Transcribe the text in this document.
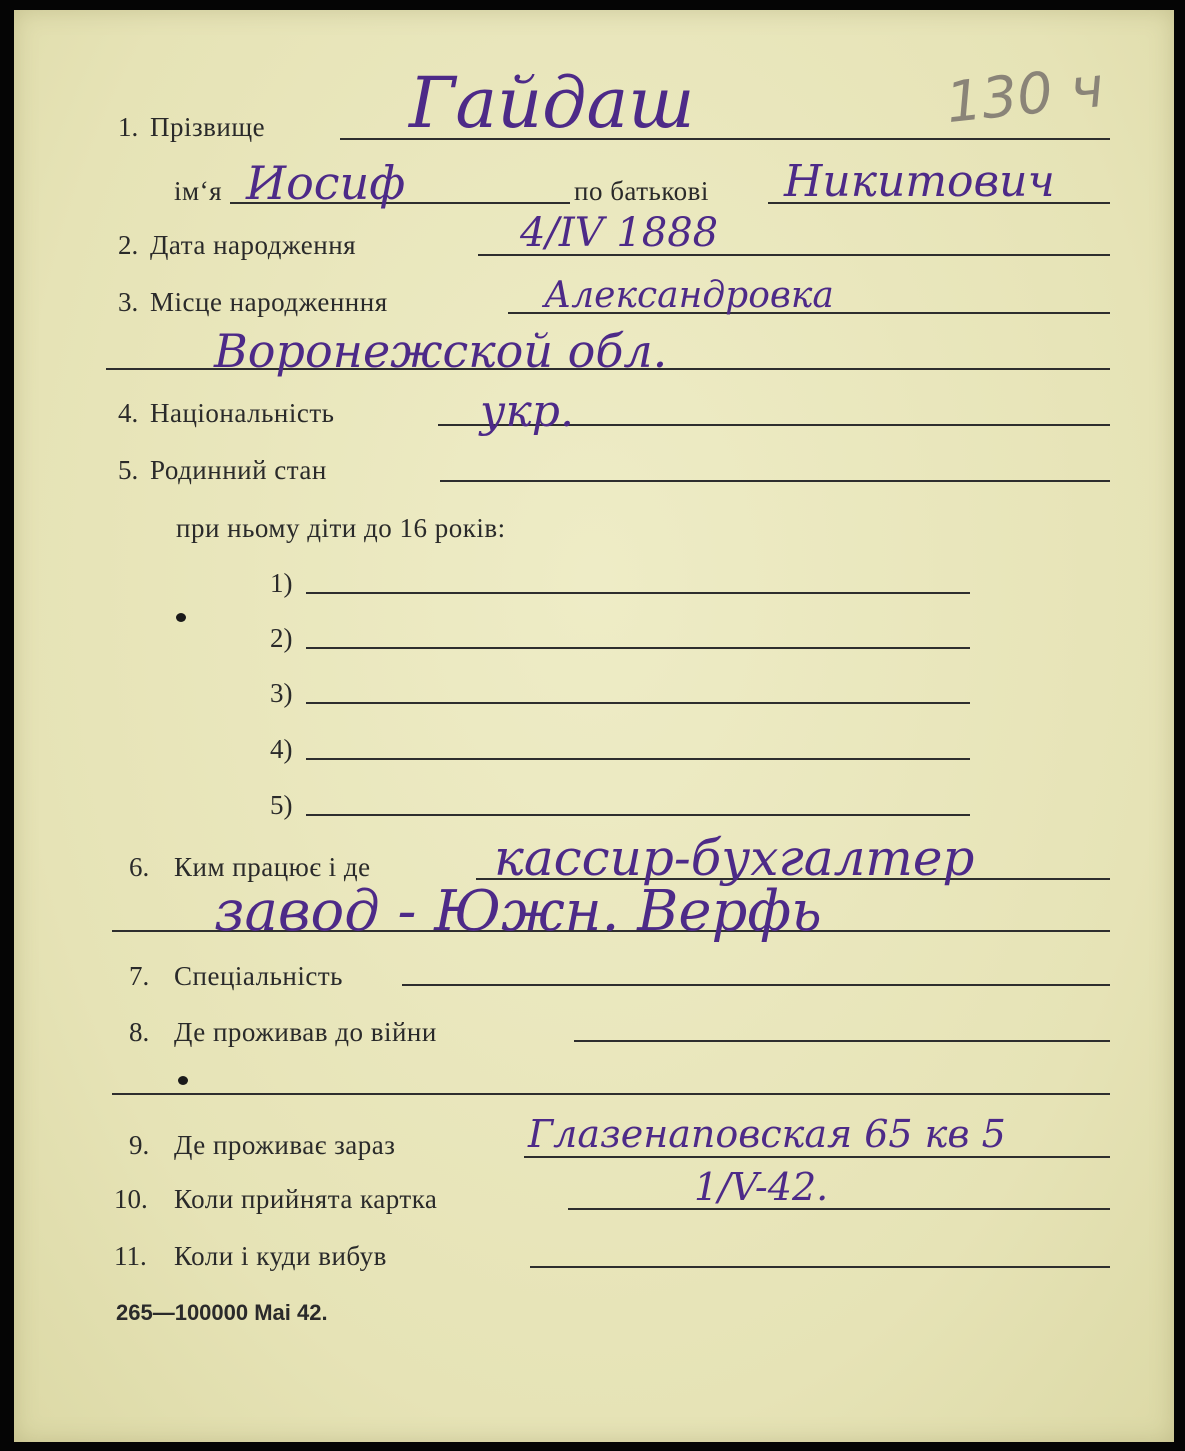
130 ч
1. Прізвище Гайдаш
ім‘я Иосиф	по батькові Никитович
2. Дата народження	4/IV 1888
3. Місце народженння	Александровка
Воронежской обл.
4. Національність	укр.
5. Родинний стан
при ньому діти до 16 років:
1)
2)
3)
4)
5)
6. Ким працює і де кассир-бухгалтер
завод - Южн. Верфь
7. Спеціальність
8. Де проживав до війни
9. Де проживає зараз	Глазенаповская 65 кв 5
10. Коли прийнята картка	1/V-42.
11. Коли і куди вибув
265—100000 Mai 42.
